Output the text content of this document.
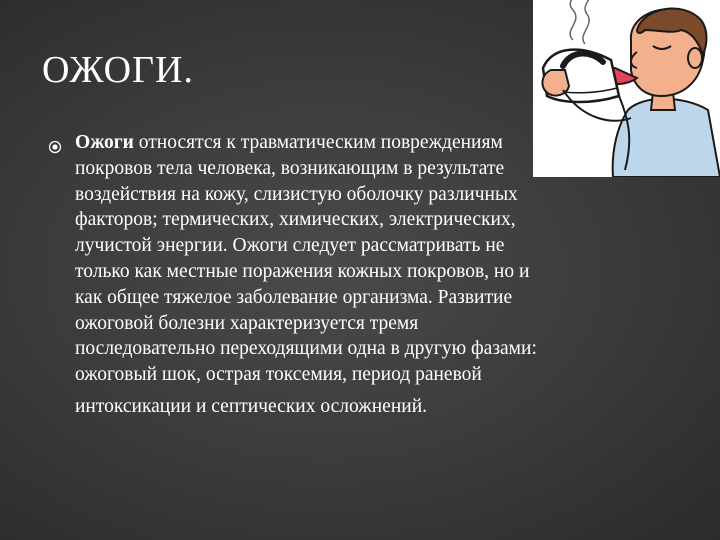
ОЖОГИ.
Ожоги относятся к травматическим повреждениям
покровов тела человека, возникающим в результате
воздействия на кожу, слизистую оболочку различных
факторов; термических, химических, электрических,
лучистой энергии. Ожоги следует рассматривать не
только как местные поражения кожных покровов, но и
как общее тяжелое заболевание организма. Развитие
ожоговой болезни характеризуется тремя
последовательно переходящими одна в другую фазами:
ожоговый шок, острая токсемия, период раневой
интоксикации и септических осложнений.
